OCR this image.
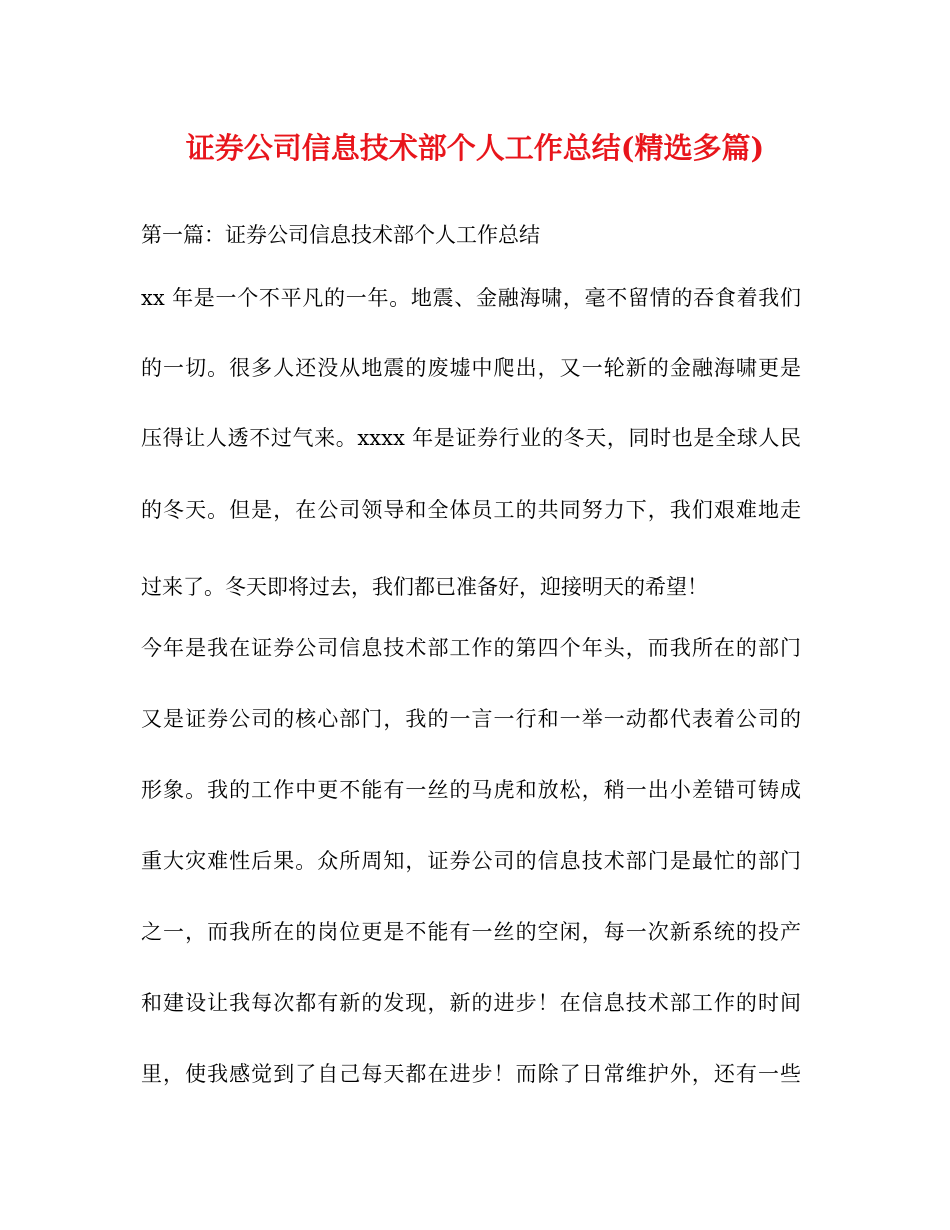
证券公司信息技术部个人工作总结(精选多篇)
第一篇：证券公司信息技术部个人工作总结
xx 年是一个不平凡的一年。地震、金融海啸，毫不留情的吞食着我们
的一切。很多人还没从地震的废墟中爬出，又一轮新的金融海啸更是
压得让人透不过气来。xxxx 年是证券行业的冬天，同时也是全球人民
的冬天。但是，在公司领导和全体员工的共同努力下，我们艰难地走
过来了。冬天即将过去，我们都已准备好，迎接明天的希望！
今年是我在证券公司信息技术部工作的第四个年头，而我所在的部门
又是证券公司的核心部门，我的一言一行和一举一动都代表着公司的
形象。我的工作中更不能有一丝的马虎和放松，稍一出小差错可铸成
重大灾难性后果。众所周知，证券公司的信息技术部门是最忙的部门
之一，而我所在的岗位更是不能有一丝的空闲，每一次新系统的投产
和建设让我每次都有新的发现，新的进步！在信息技术部工作的时间
里，使我感觉到了自己每天都在进步！而除了日常维护外，还有一些
